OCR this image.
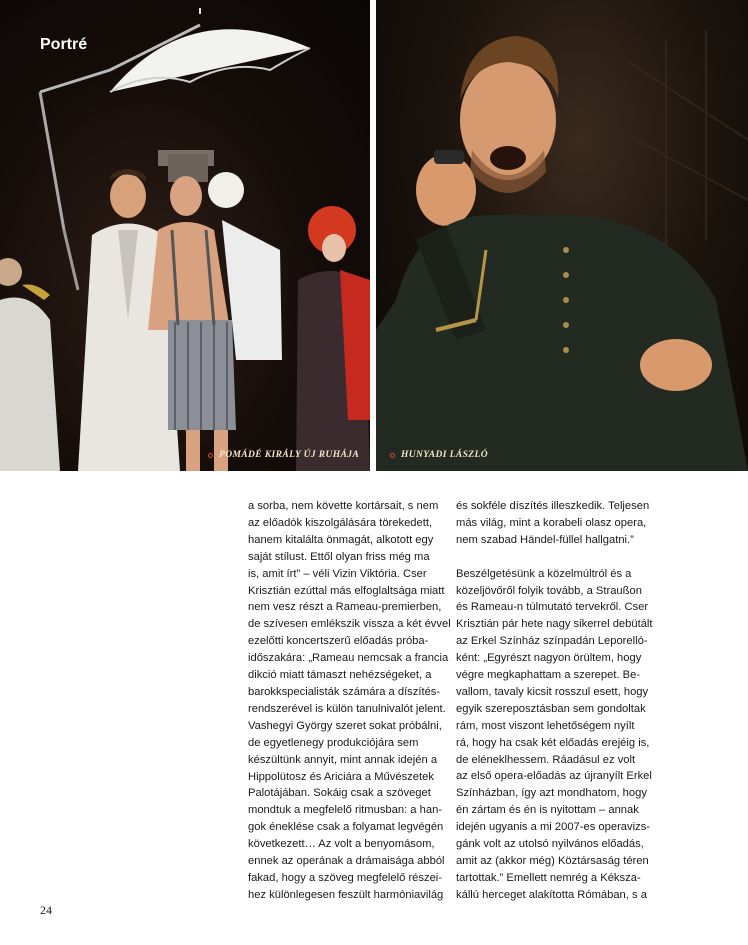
Portré
POMÁDÉ KIRÁLY ÚJ RUHÁJA	HUNYADI LÁSZLÓ
a sorba, nem követte kortársait, s nem
az előadók kiszolgálására törekedett,
hanem kitalálta önmagát, alkotott egy
saját stílust. Ettől olyan friss még ma
is, amit írt” – véli Vizin Viktória. Cser
Krisztián ezúttal más elfoglaltsága miatt
nem vesz részt a Rameau-premierben,
de szívesen emlékszik vissza a két évvel
ezelőtti koncertszerű előadás próba-
időszakára: „Rameau nemcsak a francia
dikció miatt támaszt nehézségeket, a
barokkspecialisták számára a díszítés-
rendszerével is külön tanulnivalót jelent.
Vashegyi György szeret sokat próbálni,
de egyetlenegy produkciójára sem
készültünk annyit, mint annak idején a
Hippolütosz és Ariciára a Művészetek
Palotájában. Sokáig csak a szöveget
mondtuk a megfelelő ritmusban: a han-
gok éneklése csak a folyamat legvégén
következett… Az volt a benyomásom,
ennek az operának a drámaisága abból
fakad, hogy a szöveg megfelelő részei-
hez különlegesen feszült harmóniavilág
és sokféle díszítés illeszkedik. Teljesen
más világ, mint a korabeli olasz opera,
nem szabad Händel-füllel hallgatni.”
Beszélgetésünk a közelmúltról és a
közeljövőről folyik tovább, a Straußon
és Rameau-n túlmutató tervekről. Cser
Krisztián pár hete nagy sikerrel debütált
az Erkel Színház színpadán Leporelló-
ként: „Egyrészt nagyon örültem, hogy
végre megkaphattam a szerepet. Be-
vallom, tavaly kicsit rosszul esett, hogy
egyik szereposztásban sem gondoltak
rám, most viszont lehetőségem nyílt
rá, hogy ha csak két előadás erejéig is,
de eléneklhessem. Ráadásul ez volt
az első opera-előadás az újranyílt Erkel
Színházban, így azt mondhatom, hogy
én zártam és én is nyitottam – annak
idején ugyanis a mi 2007-es operavizs-
gánk volt az utolsó nyilvános előadás,
amit az (akkor még) Köztársaság téren
tartottak.” Emellett nemrég a Kéksza-
kállú herceget alakította Rómában, s a
24
